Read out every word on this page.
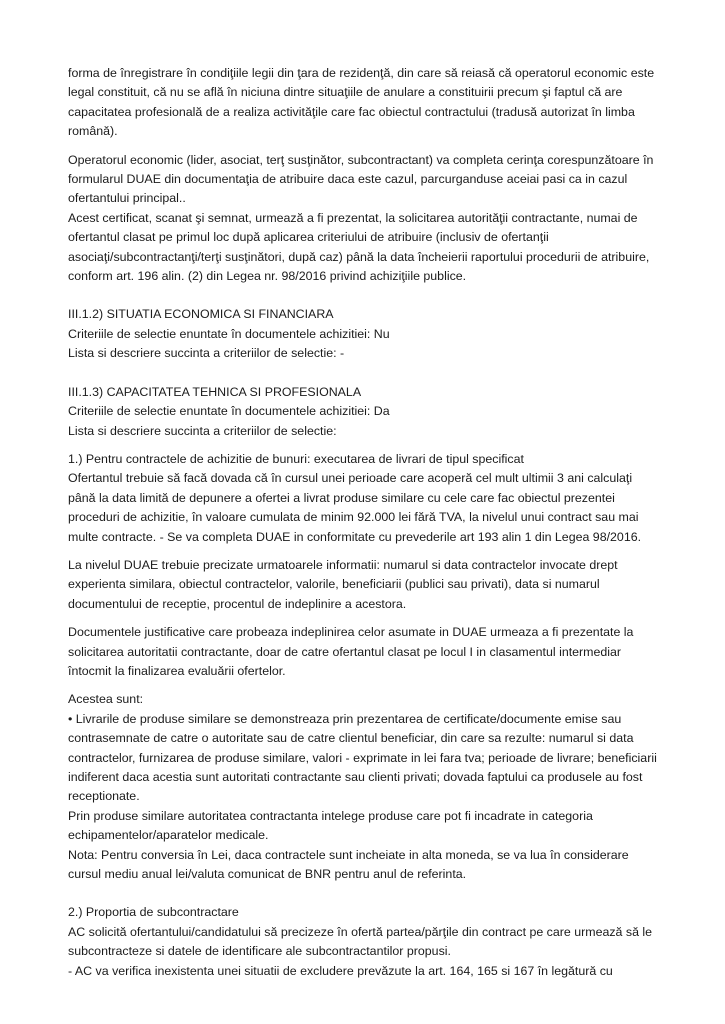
forma de înregistrare în condiţiile legii din ţara de rezidenţă, din care să reiasă că operatorul economic este
legal constituit, că nu se află în niciuna dintre situaţiile de anulare a constituirii precum şi faptul că are
capacitatea profesională de a realiza activităţile care fac obiectul contractului (tradusă autorizat în limba
română).
Operatorul economic (lider, asociat, terţ susţinător, subcontractant) va completa cerinţa corespunzătoare în
formularul DUAE din documentaţia de atribuire daca este cazul, parcurganduse aceiai pasi ca in cazul
ofertantului principal..
Acest certificat, scanat şi semnat, urmează a fi prezentat, la solicitarea autorităţii contractante, numai de
ofertantul clasat pe primul loc după aplicarea criteriului de atribuire (inclusiv de ofertanţii
asociaţi/subcontractanţi/terţi susţinători, după caz) până la data încheierii raportului procedurii de atribuire,
conform art. 196 alin. (2) din Legea nr. 98/2016 privind achiziţiile publice.
III.1.2) SITUATIA ECONOMICA SI FINANCIARA
Criteriile de selectie enuntate în documentele achizitiei: Nu
Lista si descriere succinta a criteriilor de selectie: -
III.1.3) CAPACITATEA TEHNICA SI PROFESIONALA
Criteriile de selectie enuntate în documentele achizitiei: Da
Lista si descriere succinta a criteriilor de selectie:
1.) Pentru contractele de achizitie de bunuri: executarea de livrari de tipul specificat
Ofertantul trebuie să facă dovada că în cursul unei perioade care acoperă cel mult ultimii 3 ani calculaţi
până la data limită de depunere a ofertei a livrat produse similare cu cele care fac obiectul prezentei
proceduri de achizitie, în valoare cumulata de minim 92.000 lei fără TVA, la nivelul unui contract sau mai
multe contracte. - Se va completa DUAE in conformitate cu prevederile art 193 alin 1 din Legea 98/2016.
La nivelul DUAE trebuie precizate urmatoarele informatii: numarul si data contractelor invocate drept
experienta similara, obiectul contractelor, valorile, beneficiarii (publici sau privati), data si numarul
documentului de receptie, procentul de indeplinire a acestora.
Documentele justificative care probeaza indeplinirea celor asumate in DUAE urmeaza a fi prezentate la
solicitarea autoritatii contractante, doar de catre ofertantul clasat pe locul I in clasamentul intermediar
întocmit la finalizarea evaluării ofertelor.
Acestea sunt:
• Livrarile de produse similare se demonstreaza prin prezentarea de certificate/documente emise sau
contrasemnate de catre o autoritate sau de catre clientul beneficiar, din care sa rezulte: numarul si data
contractelor, furnizarea de produse similare, valori - exprimate in lei fara tva; perioade de livrare; beneficiarii
indiferent daca acestia sunt autoritati contractante sau clienti privati; dovada faptului ca produsele au fost
receptionate.
Prin produse similare autoritatea contractanta intelege produse care pot fi incadrate in categoria
echipamentelor/aparatelor medicale.
Nota: Pentru conversia în Lei, daca contractele sunt incheiate in alta moneda, se va lua în considerare
cursul mediu anual lei/valuta comunicat de BNR pentru anul de referinta.
2.) Proportia de subcontractare
AC solicită ofertantului/candidatului să precizeze în ofertă partea/părţile din contract pe care urmează să le
subcontracteze si datele de identificare ale subcontractantilor propusi.
- AC va verifica inexistenta unei situatii de excludere prevăzute la art. 164, 165 si 167 în legătură cu
